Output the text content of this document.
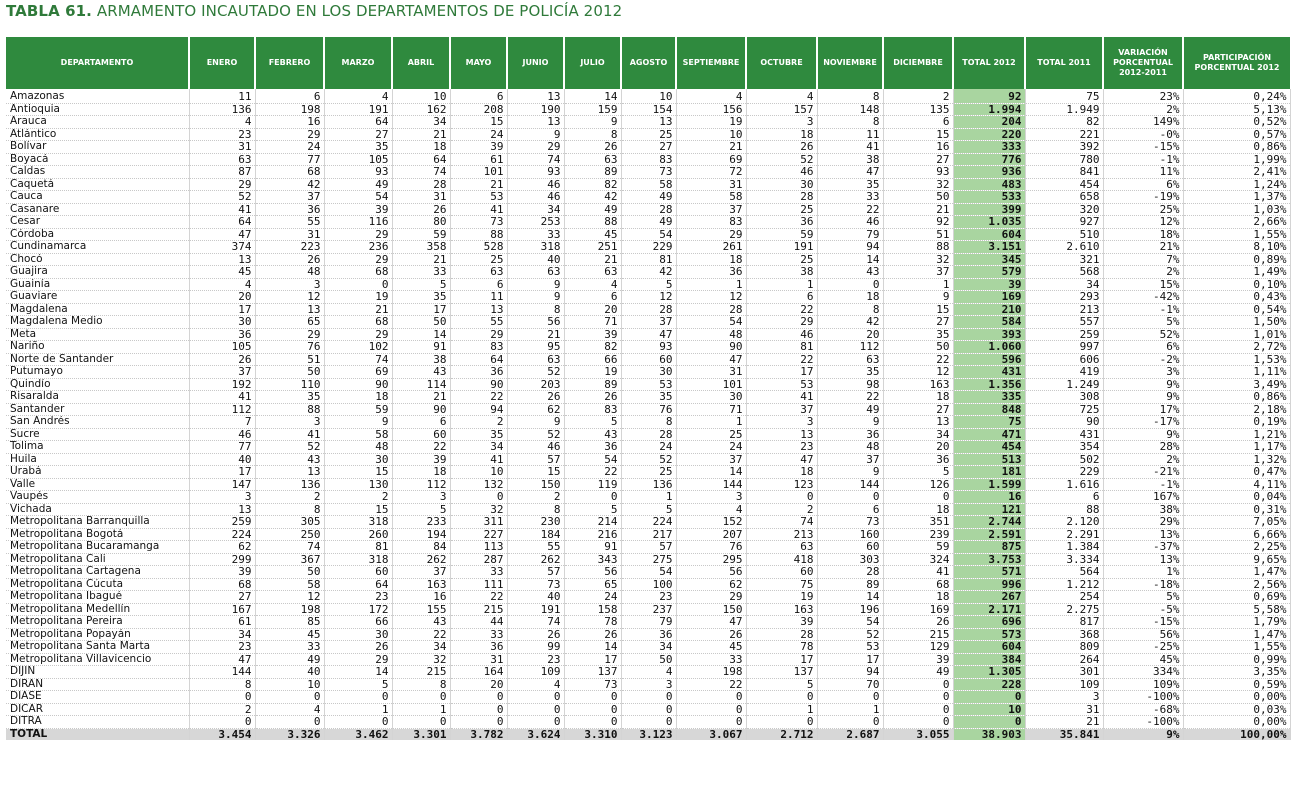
TABLA 61. ARMAMENTO INCAUTADO EN LOS DEPARTAMENTOS DE POLICÍA 2012
DEPARTAMENTO	ENERO	FEBRERO	MARZO	ABRIL	MAYO	JUNIO	JULIO	AGOSTO	SEPTIEMBRE	OCTUBRE	NOVIEMBRE	DICIEMBRE	TOTAL 2012	TOTAL 2011	VARIACIÓN PORCENTUAL 2012-2011	PARTICIPACIÓN PORCENTUAL 2012
Amazonas	11	6	4	10	6	13	14	10	4	4	8	2	92	75	23%	0,24%
Antioquia	136	198	191	162	208	190	159	154	156	157	148	135	1.994	1.949	2%	5,13%
Arauca	4	16	64	34	15	13	9	13	19	3	8	6	204	82	149%	0,52%
Atlántico	23	29	27	21	24	9	8	25	10	18	11	15	220	221	-0%	0,57%
Bolívar	31	24	35	18	39	29	26	27	21	26	41	16	333	392	-15%	0,86%
Boyacá	63	77	105	64	61	74	63	83	69	52	38	27	776	780	-1%	1,99%
Caldas	87	68	93	74	101	93	89	73	72	46	47	93	936	841	11%	2,41%
Caquetá	29	42	49	28	21	46	82	58	31	30	35	32	483	454	6%	1,24%
Cauca	52	37	54	31	53	46	42	49	58	28	33	50	533	658	-19%	1,37%
Casanare	41	36	39	26	41	34	49	28	37	25	22	21	399	320	25%	1,03%
Cesar	64	55	116	80	73	253	88	49	83	36	46	92	1.035	927	12%	2,66%
Córdoba	47	31	29	59	88	33	45	54	29	59	79	51	604	510	18%	1,55%
Cundinamarca	374	223	236	358	528	318	251	229	261	191	94	88	3.151	2.610	21%	8,10%
Chocó	13	26	29	21	25	40	21	81	18	25	14	32	345	321	7%	0,89%
Guajira	45	48	68	33	63	63	63	42	36	38	43	37	579	568	2%	1,49%
Guainía	4	3	0	5	6	9	4	5	1	1	0	1	39	34	15%	0,10%
Guaviare	20	12	19	35	11	9	6	12	12	6	18	9	169	293	-42%	0,43%
Magdalena	17	13	21	17	13	8	20	28	28	22	8	15	210	213	-1%	0,54%
Magdalena Medio	30	65	68	50	55	56	71	37	54	29	42	27	584	557	5%	1,50%
Meta	36	29	29	14	29	21	39	47	48	46	20	35	393	259	52%	1,01%
Nariño	105	76	102	91	83	95	82	93	90	81	112	50	1.060	997	6%	2,72%
Norte de Santander	26	51	74	38	64	63	66	60	47	22	63	22	596	606	-2%	1,53%
Putumayo	37	50	69	43	36	52	19	30	31	17	35	12	431	419	3%	1,11%
Quindío	192	110	90	114	90	203	89	53	101	53	98	163	1.356	1.249	9%	3,49%
Risaralda	41	35	18	21	22	26	26	35	30	41	22	18	335	308	9%	0,86%
Santander	112	88	59	90	94	62	83	76	71	37	49	27	848	725	17%	2,18%
San Andrés	7	3	9	6	2	9	5	8	1	3	9	13	75	90	-17%	0,19%
Sucre	46	41	58	60	35	52	43	28	25	13	36	34	471	431	9%	1,21%
Tolima	77	52	48	22	34	46	36	24	24	23	48	20	454	354	28%	1,17%
Huila	40	43	30	39	41	57	54	52	37	47	37	36	513	502	2%	1,32%
Urabá	17	13	15	18	10	15	22	25	14	18	9	5	181	229	-21%	0,47%
Valle	147	136	130	112	132	150	119	136	144	123	144	126	1.599	1.616	-1%	4,11%
Vaupés	3	2	2	3	0	2	0	1	3	0	0	0	16	6	167%	0,04%
Vichada	13	8	15	5	32	8	5	5	4	2	6	18	121	88	38%	0,31%
Metropolitana Barranquilla	259	305	318	233	311	230	214	224	152	74	73	351	2.744	2.120	29%	7,05%
Metropolitana Bogotá	224	250	260	194	227	184	216	217	207	213	160	239	2.591	2.291	13%	6,66%
Metropolitana Bucaramanga	62	74	81	84	113	55	91	57	76	63	60	59	875	1.384	-37%	2,25%
Metropolitana Cali	299	367	318	262	287	262	343	275	295	418	303	324	3.753	3.334	13%	9,65%
Metropolitana Cartagena	39	50	60	37	33	57	56	54	56	60	28	41	571	564	1%	1,47%
Metropolitana Cúcuta	68	58	64	163	111	73	65	100	62	75	89	68	996	1.212	-18%	2,56%
Metropolitana Ibagué	27	12	23	16	22	40	24	23	29	19	14	18	267	254	5%	0,69%
Metropolitana Medellín	167	198	172	155	215	191	158	237	150	163	196	169	2.171	2.275	-5%	5,58%
Metropolitana Pereira	61	85	66	43	44	74	78	79	47	39	54	26	696	817	-15%	1,79%
Metropolitana Popayán	34	45	30	22	33	26	26	36	26	28	52	215	573	368	56%	1,47%
Metropolitana Santa Marta	23	33	26	34	36	99	14	34	45	78	53	129	604	809	-25%	1,55%
Metropolitana Villavicencio	47	49	29	32	31	23	17	50	33	17	17	39	384	264	45%	0,99%
DIJIN	144	40	14	215	164	109	137	4	198	137	94	49	1.305	301	334%	3,35%
DIRÁN	8	10	5	8	20	4	73	3	22	5	70	0	228	109	109%	0,59%
DIASE	0	0	0	0	0	0	0	0	0	0	0	0	0	3	-100%	0,00%
DICAR	2	4	1	1	0	0	0	0	0	1	1	0	10	31	-68%	0,03%
DITRA	0	0	0	0	0	0	0	0	0	0	0	0	0	21	-100%	0,00%
TOTAL	3.454	3.326	3.462	3.301	3.782	3.624	3.310	3.123	3.067	2.712	2.687	3.055	38.903	35.841	9%	100,00%
